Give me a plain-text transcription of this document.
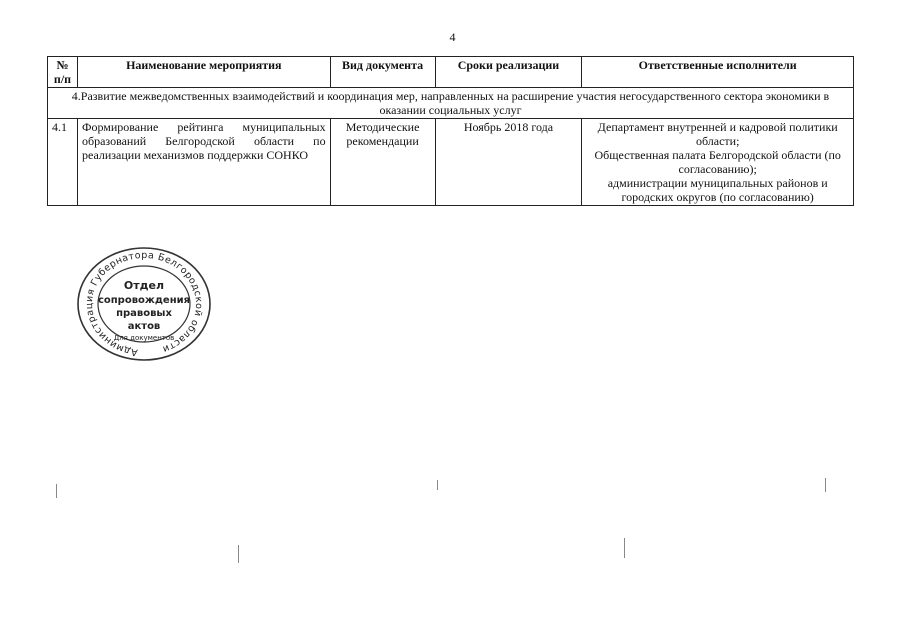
4
№ п/п	Наименование мероприятия	Вид документа	Сроки реализации	Ответственные исполнители
4.Развитие межведомственных взаимодействий и координация мер, направленных на расширение участия негосударственного сектора экономики в оказании социальных услуг				
4.1	Формирование рейтинга муниципальных образований Белгородской области по реализации механизмов поддержки СОНКО	Методические рекомендации	Ноябрь 2018 года	Департамент внутренней и кадровой политики области;
Общественная палата Белгородской области (по согласованию);
администрации муниципальных районов и городских округов (по согласованию)
Администрация Губернатора Белгородской области
Отдел
сопровождения
правовых
актов
Для документов
